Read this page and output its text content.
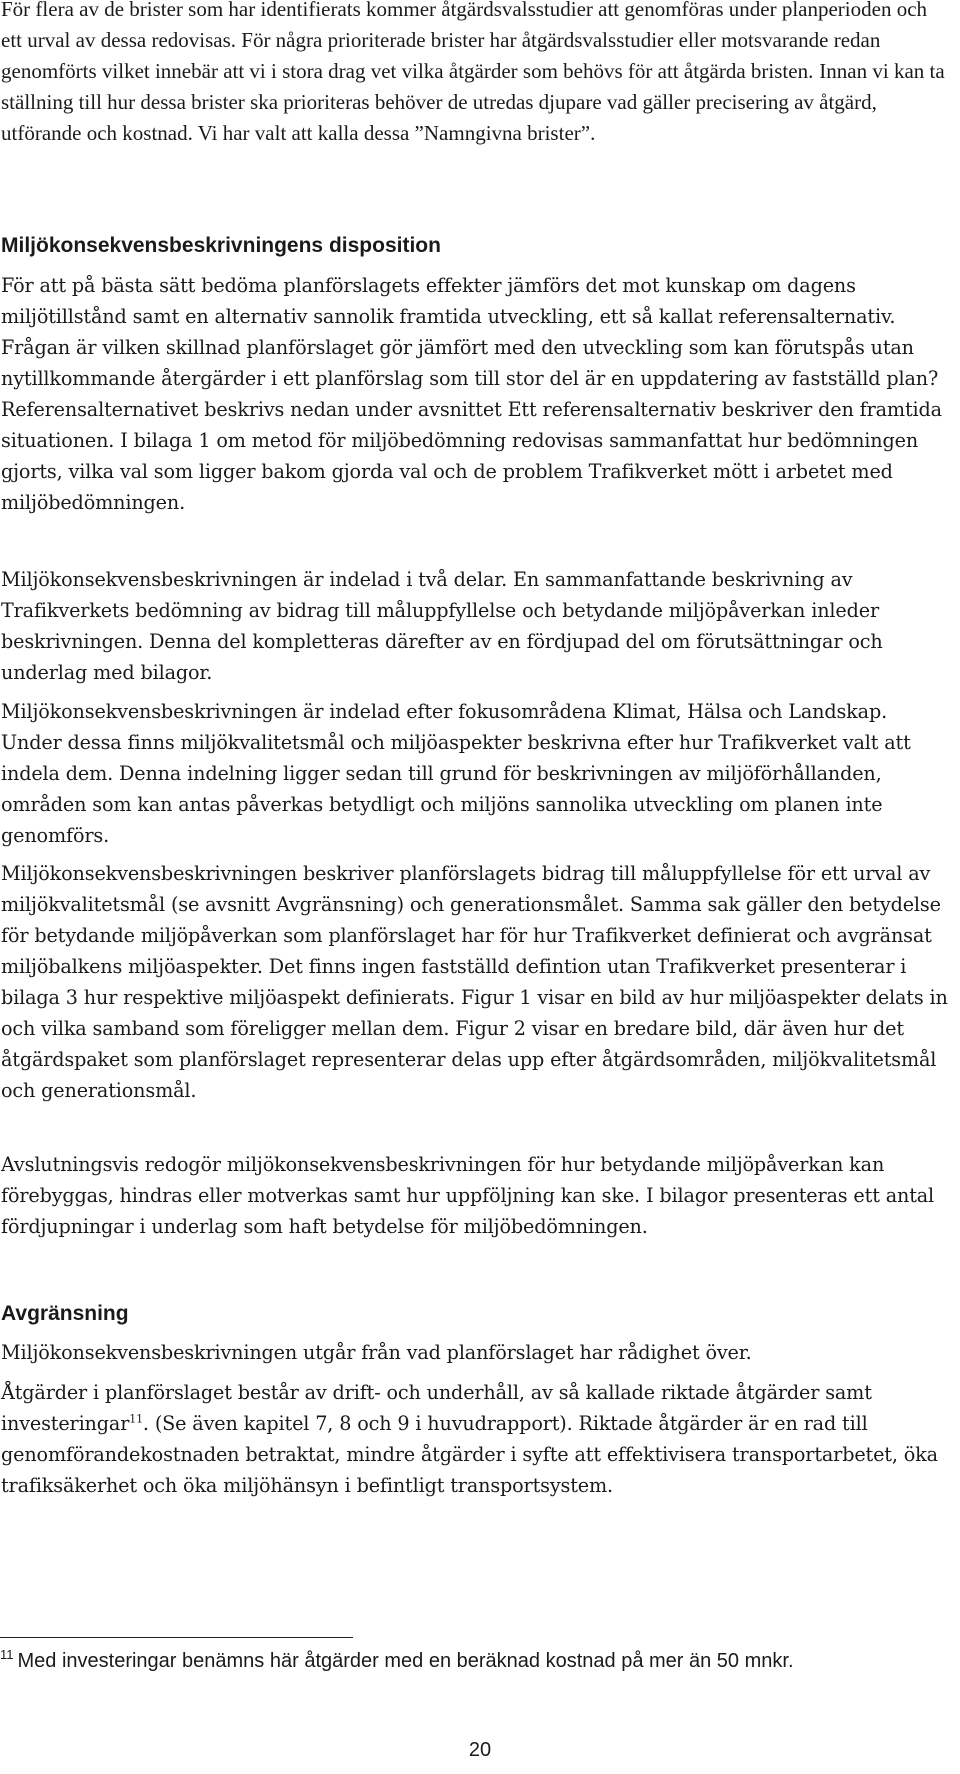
För flera av de brister som har identifierats kommer åtgärdsvalsstudier att genomföras under planperioden och ett urval av dessa redovisas. För några prioriterade brister har åtgärdsvalsstudier eller motsvarande redan genomförts vilket innebär att vi i stora drag vet vilka åtgärder som behövs för att åtgärda bristen. Innan vi kan ta ställning till hur dessa brister ska prioriteras behöver de utredas djupare vad gäller precisering av åtgärd, utförande och kostnad. Vi har valt att kalla dessa ”Namngivna brister”.

Miljökonsekvensbeskrivningens disposition

För att på bästa sätt bedöma planförslagets effekter jämförs det mot kunskap om dagens miljötillstånd samt en alternativ sannolik framtida utveckling, ett så kallat referensalternativ. Frågan är vilken skillnad planförslaget gör jämfört med den utveckling som kan förutspås utan nytillkommande återgärder i ett planförslag som till stor del är en uppdatering av fastställd plan? Referensalternativet beskrivs nedan under avsnittet Ett referensalternativ beskriver den framtida situationen. I bilaga 1 om metod för miljöbedömning redovisas sammanfattat hur bedömningen gjorts, vilka val som ligger bakom gjorda val och de problem Trafikverket mött i arbetet med miljöbedömningen.

Miljökonsekvensbeskrivningen är indelad i två delar. En sammanfattande beskrivning av Trafikverkets bedömning av bidrag till måluppfyllelse och betydande miljöpåverkan inleder beskrivningen. Denna del kompletteras därefter av en fördjupad del om förutsättningar och underlag med bilagor.

Miljökonsekvensbeskrivningen är indelad efter fokusområdena Klimat, Hälsa och Landskap. Under dessa finns miljökvalitetsmål och miljöaspekter beskrivna efter hur Trafikverket valt att indela dem. Denna indelning ligger sedan till grund för beskrivningen av miljöförhållanden, områden som kan antas påverkas betydligt och miljöns sannolika utveckling om planen inte genomförs.

Miljökonsekvensbeskrivningen beskriver planförslagets bidrag till måluppfyllelse för ett urval av miljökvalitetsmål (se avsnitt Avgränsning) och generationsmålet. Samma sak gäller den betydelse för betydande miljöpåverkan som planförslaget har för hur Trafikverket definierat och avgränsat miljöbalkens miljöaspekter. Det finns ingen fastställd defintion utan Trafikverket presenterar i bilaga 3 hur respektive miljöaspekt definierats. Figur 1 visar en bild av hur miljöaspekter delats in och vilka samband som föreligger mellan dem. Figur 2 visar en bredare bild, där även hur det åtgärdspaket som planförslaget representerar delas upp efter åtgärdsområden, miljökvalitetsmål och generationsmål.

Avslutningsvis redogör miljökonsekvensbeskrivningen för hur betydande miljöpåverkan kan förebyggas, hindras eller motverkas samt hur uppföljning kan ske. I bilagor presenteras ett antal fördjupningar i underlag som haft betydelse för miljöbedömningen.

Avgränsning

Miljökonsekvensbeskrivningen utgår från vad planförslaget har rådighet över.

Åtgärder i planförslaget består av drift- och underhåll, av så kallade riktade åtgärder samt investeringar$^{11}$. (Se även kapitel 7, 8 och 9 i huvudrapport). Riktade åtgärder är en rad till genomförandekostnaden betraktat, mindre åtgärder i syfte att effektivisera transportarbetet, öka trafiksäkerhet och öka miljöhänsyn i befintligt transportsystem.

$^{11}$ Med investeringar benämns här åtgärder med en beräknad kostnad på mer än 50 mnkr.

20
